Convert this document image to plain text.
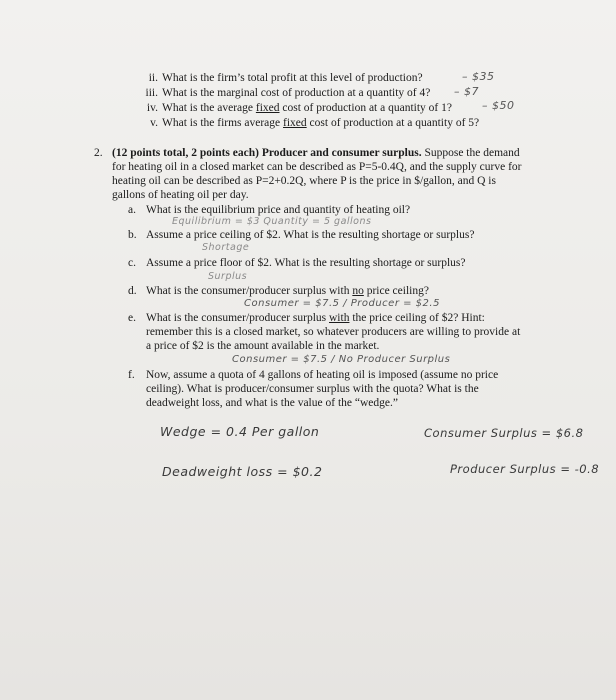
ii. What is the firm’s total profit at this level of production?	– $35
iii. What is the marginal cost of production at a quantity of 4? – $7
iv. What is the average fixed cost of production at a quantity of 1?	– $50
v. What is the firms average fixed cost of production at a quantity of 5?
2. (12 points total, 2 points each) Producer and consumer surplus. Suppose the demand
for heating oil in a closed market can be described as P=5-0.4Q, and the supply curve for
heating oil can be described as P=2+0.2Q, where P is the price in $/gallon, and Q is
gallons of heating oil per day.
a. What is the equilibrium price and quantity of heating oil?
Equilibrium = $3 Quantity = 5 gallons
b. Assume a price ceiling of $2. What is the resulting shortage or surplus?
Shortage
c. Assume a price floor of $2. What is the resulting shortage or surplus?
Surplus
d. What is the consumer/producer surplus with no price ceiling?
Consumer = $7.5 / Producer = $2.5
e. What is the consumer/producer surplus with the price ceiling of $2? Hint:
remember this is a closed market, so whatever producers are willing to provide at
a price of $2 is the amount available in the market.
Consumer = $7.5 / No Producer Surplus
f. Now, assume a quota of 4 gallons of heating oil is imposed (assume no price
ceiling). What is producer/consumer surplus with the quota? What is the
deadweight loss, and what is the value of the “wedge.”
Wedge = 0.4 Per gallon	Consumer Surplus = $6.8
Deadweight loss = $0.2	Producer Surplus = -0.8
